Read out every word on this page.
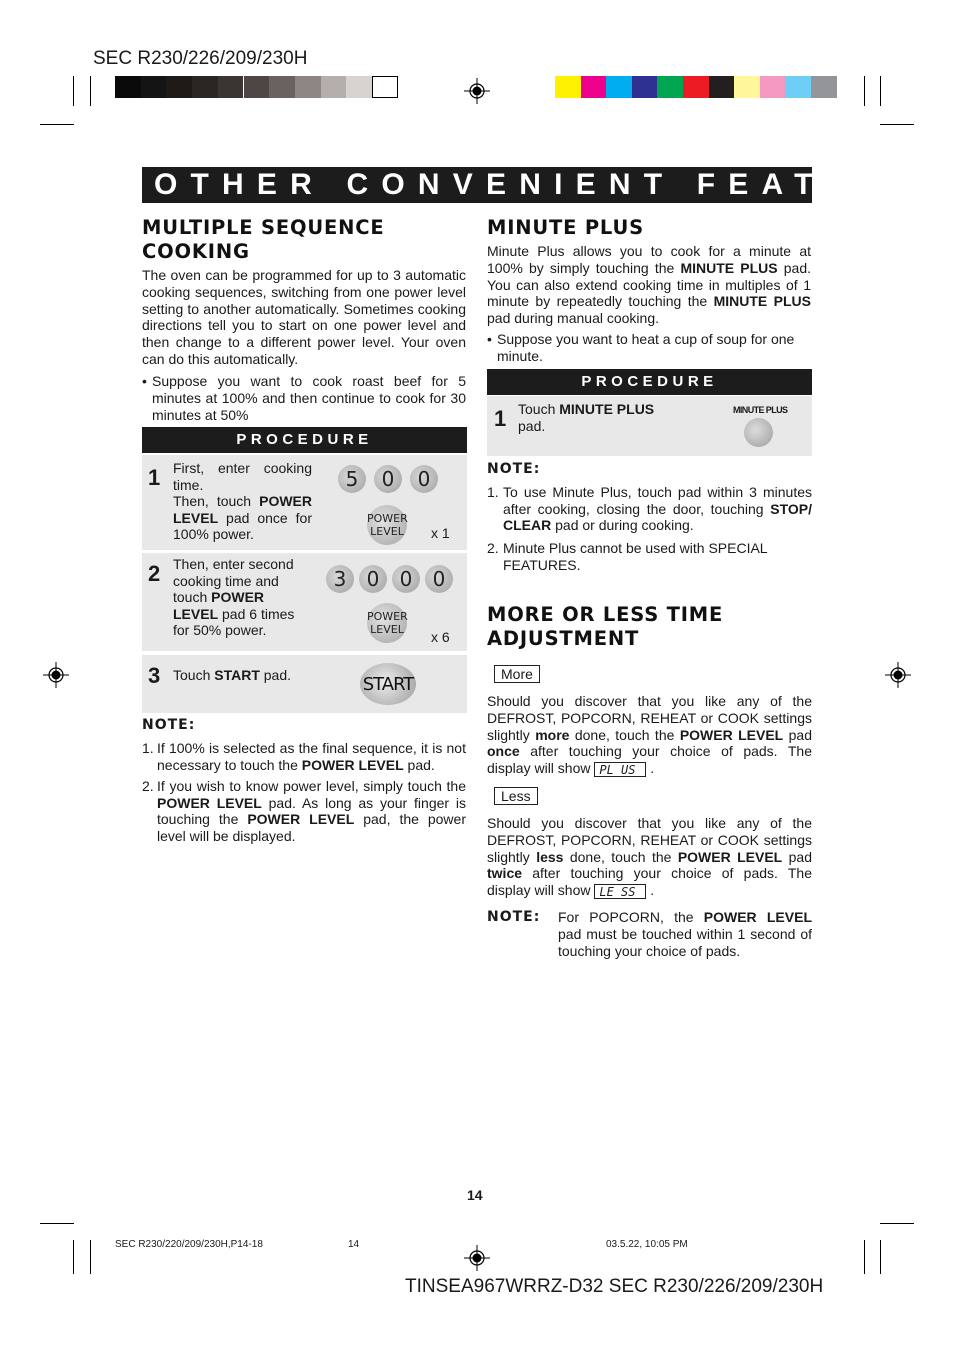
SEC R230/226/209/230H
OTHER CONVENIENT FEATURES
MULTIPLE SEQUENCE
COOKING
The oven can be programmed for up to 3 automatic cooking sequences, switching from one power level setting to another automatically. Sometimes cooking directions tell you to start on one power level and then change to a different power level. Your oven can do this automatically.
• Suppose you want to cook roast beef for 5 minutes at 100% and then continue to cook for 30 minutes at 50%
PROCEDURE
1 First, enter cooking time.
Then, touch POWER LEVEL pad once for 100% power.
5	0	0
POWER
LEVEL x 1
2 Then, enter second cooking time and touch POWER LEVEL pad 6 times for 50% power.
3	0	0	0
POWER
LEVEL x 6
3 Touch START pad.	START
NOTE:
1. If 100% is selected as the final sequence, it is not necessary to touch the POWER LEVEL pad.
2. If you wish to know power level, simply touch the POWER LEVEL pad. As long as your finger is touching the POWER LEVEL pad, the power level will be displayed.
MINUTE PLUS
Minute Plus allows you to cook for a minute at 100% by simply touching the MINUTE PLUS pad. You can also extend cooking time in multiples of 1 minute by repeatedly touching the MINUTE PLUS pad during manual cooking.
• Suppose you want to heat a cup of soup for one minute.
PROCEDURE
1 Touch MINUTE PLUS pad.
MINUTE PLUS
NOTE:
1. To use Minute Plus, touch pad within 3 minutes after cooking, closing the door, touching STOP/ CLEAR pad or during cooking.
2. Minute Plus cannot be used with SPECIAL FEATURES.
MORE OR LESS TIME
ADJUSTMENT
More
Should you discover that you like any of the DEFROST, POPCORN, REHEAT or COOK settings slightly more done, touch the POWER LEVEL pad once after touching your choice of pads. The display will show PL US .
Less
Should you discover that you like any of the DEFROST, POPCORN, REHEAT or COOK settings slightly less done, touch the POWER LEVEL pad twice after touching your choice of pads. The display will show LE SS .
NOTE: For POPCORN, the POWER LEVEL pad must be touched within 1 second of touching your choice of pads.
14
SEC R230/220/209/230H,P14-18	14	03.5.22, 10:05 PM
TINSEA967WRRZ-D32 SEC R230/226/209/230H
